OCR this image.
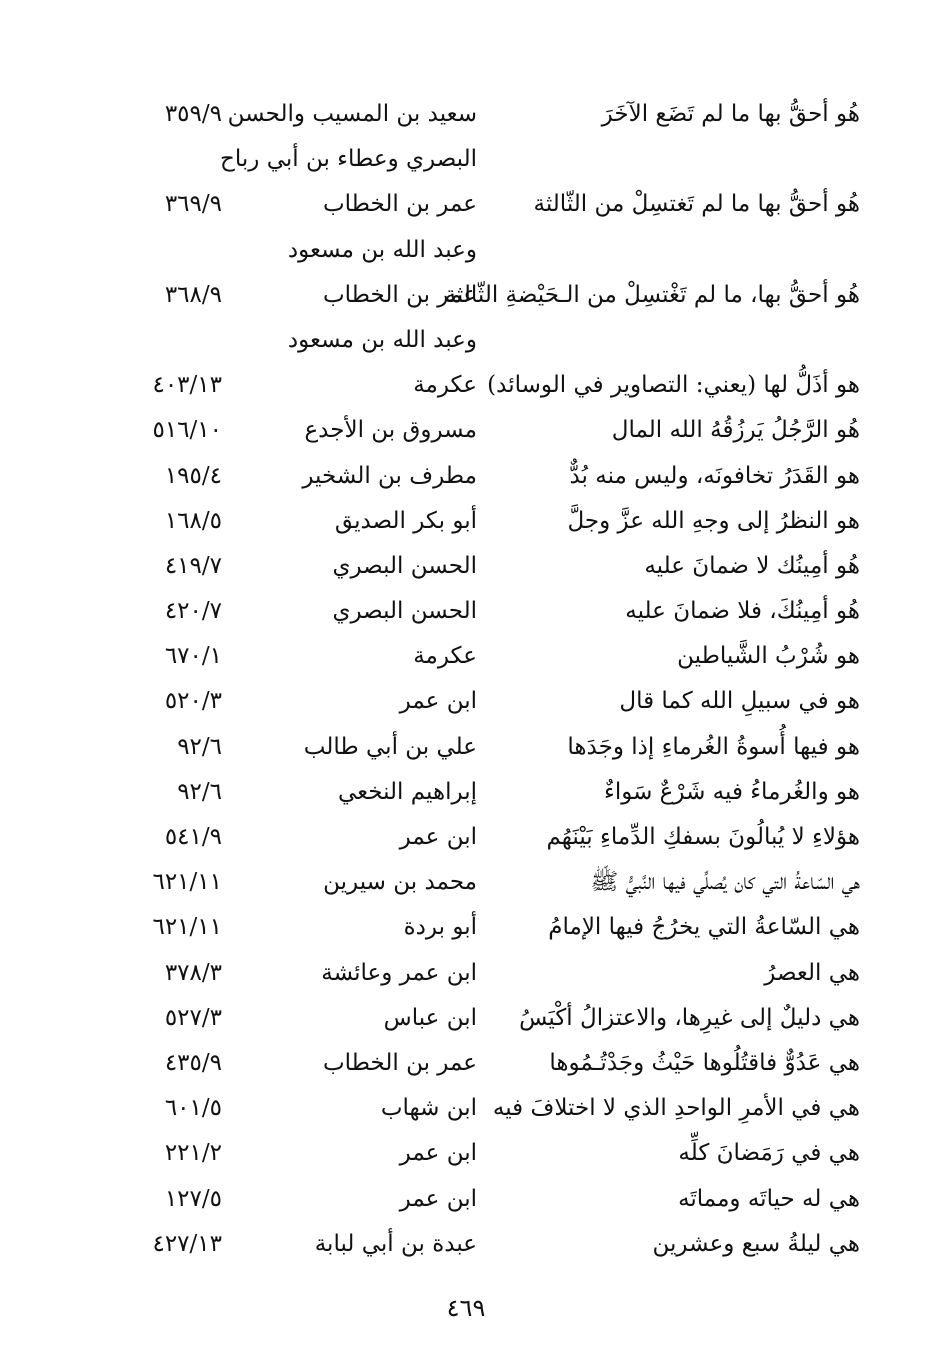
هُو أحقُّ بها ما لم تَضَع الآخَرَ
سعيد بن المسيب والحسن
٣٥٩/٩
البصري وعطاء بن أبي رباح
هُو أحقُّ بها ما لم تَغتسِلْ من الثّالثة
عمر بن الخطاب
٣٦٩/٩
وعبد الله بن مسعود
هُو أحقُّ بها، ما لم تَغْتسِلْ من الـحَيْضةِ الثّالثة
عمر بن الخطاب
٣٦٨/٩
وعبد الله بن مسعود
هو أذَلُّ لها (يعني: التصاوير في الوسائد)
عكرمة
٤٠٣/١٣
هُو الرَّجُلُ يَرزُقُهُ الله المال
مسروق بن الأجدع
٥١٦/١٠
هو القَدَرُ تخافونَه، وليس منه بُدٌّ
مطرف بن الشخير
١٩٥/٤
هو النظرُ إلى وجهِ الله عزَّ وجلَّ
أبو بكر الصديق
١٦٨/٥
هُو أمِينُك لا ضمانَ عليه
الحسن البصري
٤١٩/٧
هُو أمِينُكَ، فلا ضمانَ عليه
الحسن البصري
٤٢٠/٧
هو شُرْبُ الشَّياطين
عكرمة
٦٧٠/١
هو في سبيلِ الله كما قال
ابن عمر
٥٢٠/٣
هو فيها أُسوةُ الغُرماءِ إذا وجَدَها
علي بن أبي طالب
٩٢/٦
هو والغُرماءُ فيه شَرْعٌ سَواءٌ
إبراهيم النخعي
٩٢/٦
هؤلاءِ لا يُبالُونَ بسفكِ الدِّماءِ بَيْنَهُم
ابن عمر
٥٤١/٩
هي السّاعةُ التي كان يُصلِّي فيها النَّبيُّ ﷺ
محمد بن سيرين
٦٢١/١١
هي السّاعةُ التي يخرُجُ فيها الإمامُ
أبو بردة
٦٢١/١١
هي العصرُ
ابن عمر وعائشة
٣٧٨/٣
هي دليلٌ إلى غيرِها، والاعتزالُ أكْيَسُ
ابن عباس
٥٢٧/٣
هي عَدُوٌّ فاقتُلُوها حَيْثُ وجَدْتُـمُوها
عمر بن الخطاب
٤٣٥/٩
هي في الأمرِ الواحدِ الذي لا اختلافَ فيه
ابن شهاب
٦٠١/٥
هي في رَمَضانَ كلِّه
ابن عمر
٢٢١/٢
هي له حياتَه ومماتَه
ابن عمر
١٢٧/٥
هي ليلةُ سبع وعشرين
عبدة بن أبي لبابة
٤٢٧/١٣
٤٦٩
